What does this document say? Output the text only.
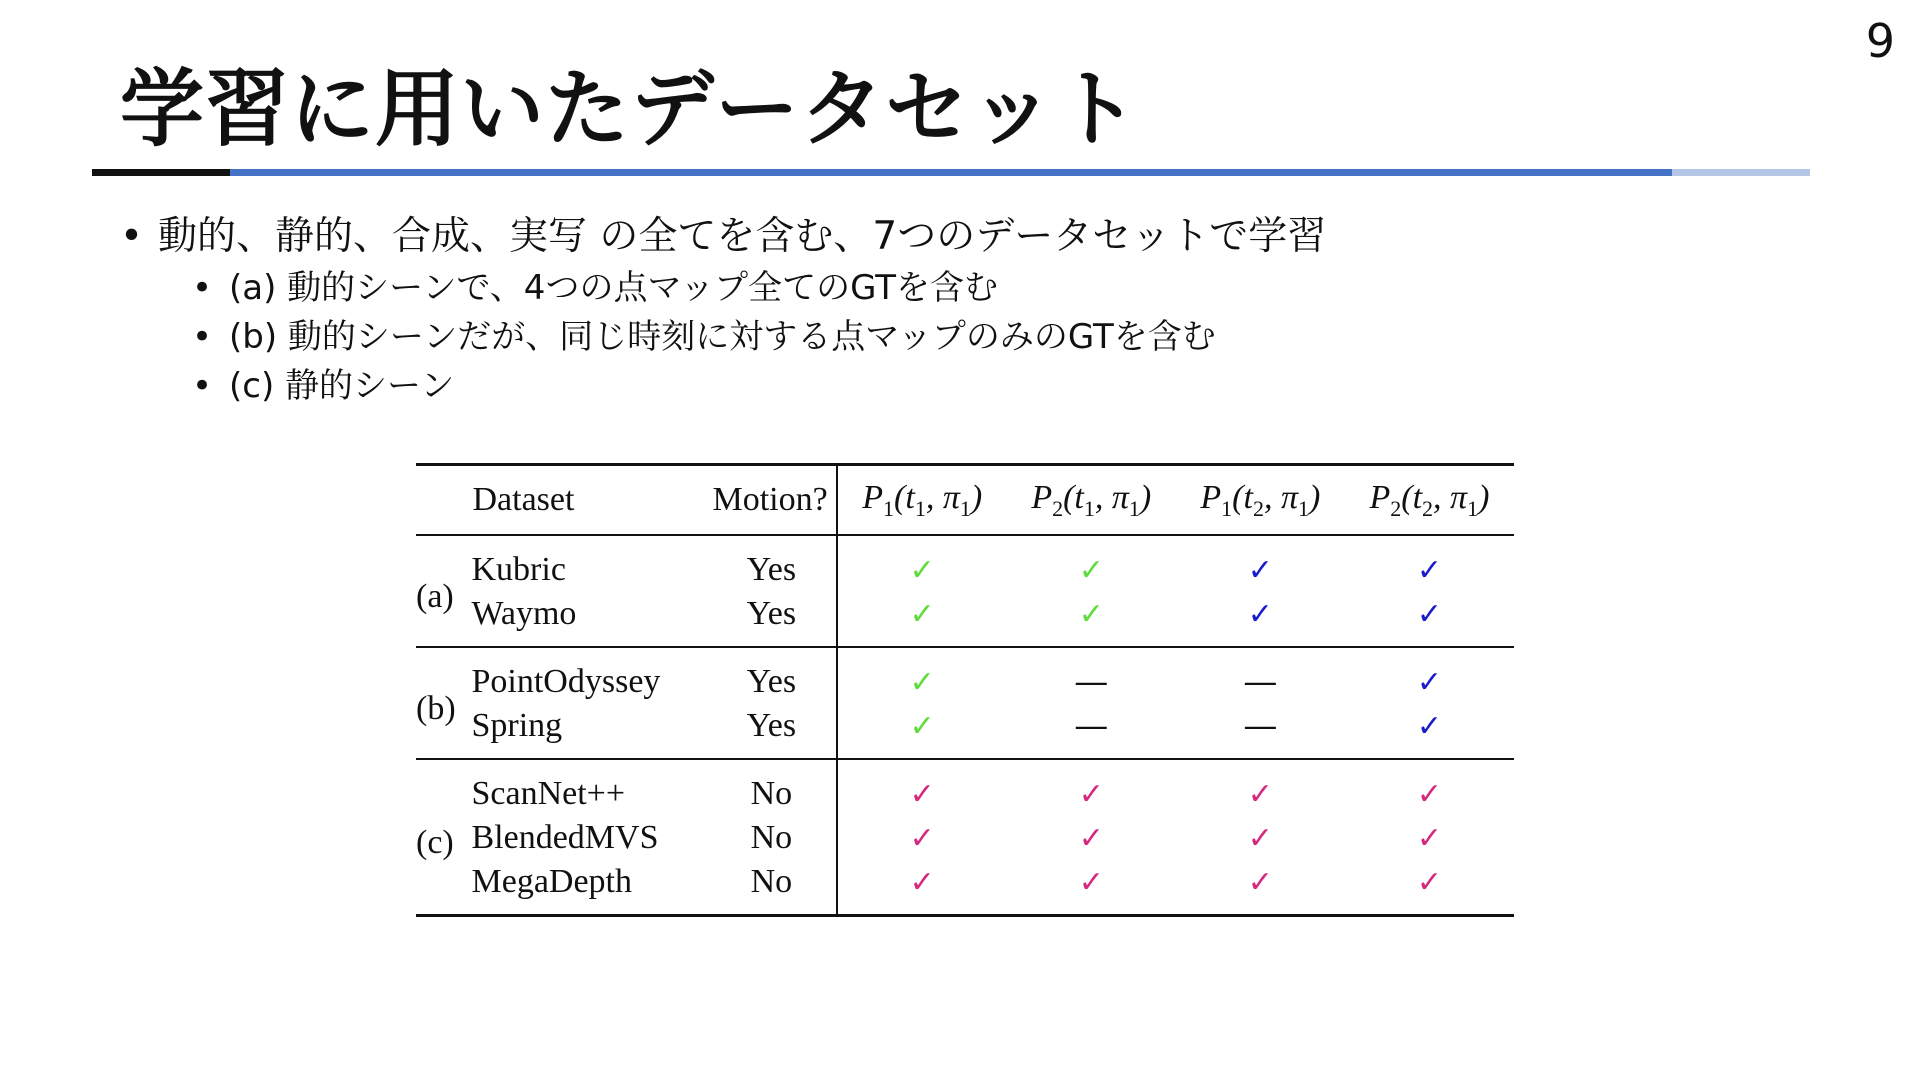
9
学習に用いたデータセット
• 動的、静的、合成、実写 の全てを含む、7つのデータセットで学習
• (a) 動的シーンで、4つの点マップ全てのGTを含む
• (b) 動的シーンだが、同じ時刻に対する点マップのみのGTを含む
• (c) 静的シーン
	Dataset	Motion?	$P_1(t_1$, $\pi_1$)	$P_2(t_1$, $\pi_1$)	$P_1(t_2$, $\pi_1$)	$P_2(t_2$, $\pi_1$)
(a)	Kubric	Yes	✓	✓	✓	✓
	Waymo	Yes	✓	✓	✓	✓
(b)	PointOdyssey	Yes	✓	—	—	✓
	Spring	Yes	✓	—	—	✓
(c)	ScanNet++	No	✓	✓	✓	✓
	BlendedMVS	No	✓	✓	✓	✓
	MegaDepth	No	✓	✓	✓	✓
